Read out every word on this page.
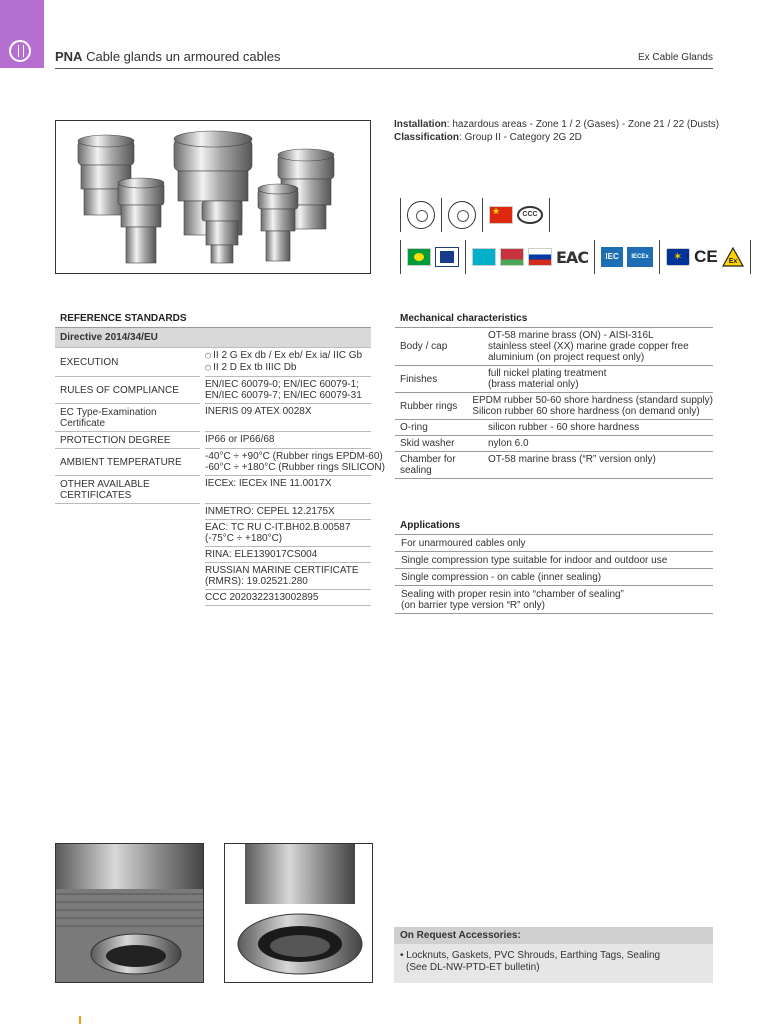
PNA Cable glands un armoured cables	Ex Cable Glands
Installation: hazardous areas - Zone 1 / 2 (Gases) - Zone 21 / 22 (Dusts)
Classification: Group II - Category 2G 2D
★
CCC
EAC	IEC	IECEx
✶	CE Ex
REFERENCE STANDARDS
Directive 2014/34/EU
EXECUTION
⬡ II 2 G Ex db / Ex eb/ Ex ia/ IIC Gb
⬡ II 2 D Ex tb IIIC Db
RULES OF COMPLIANCE
EN/IEC 60079-0; EN/IEC 60079-1;
EN/IEC 60079-7; EN/IEC 60079-31
EC Type-Examination Certificate
INERIS 09 ATEX 0028X
PROTECTION DEGREE	IP66 or IP66/68
AMBIENT TEMPERATURE
-40°C ÷ +90°C (Rubber rings EPDM-60)
-60°C ÷ +180°C (Rubber rings SILICON)
OTHER AVAILABLE CERTIFICATES
IECEx: IECEx INE 11.0017X
INMETRO: CEPEL 12.2175X
EAC: TC RU C-IT.BH02.B.00587
(-75°C ÷ +180°C)
RINA: ELE139017CS004
RUSSIAN MARINE CERTIFICATE
(RMRS): 19.02521.280
CCC 2020322313002895
Mechanical characteristics
Body / cap
OT-58 marine brass (ON) - AISI-316L
stainless steel (XX) marine grade copper free
aluminium (on project request only)
Finishes	full nickel plating treatment
(brass material only)
Rubber rings	EPDM rubber 50-60 shore hardness (standard supply)
Silicon rubber 60 shore hardness (on demand only)
O-ring	silicon rubber - 60 shore hardness
Skid washer	nylon 6.0
Chamber for sealing
OT-58 marine brass (“R” version only)
Applications
For unarmoured cables only
Single compression type suitable for indoor and outdoor use
Single compression - on cable (inner sealing)
Sealing with proper resin into “chamber of sealing”
(on barrier type version “R” only)
On Request Accessories:
• Locknuts, Gaskets, PVC Shrouds, Earthing Tags, Sealing
(See DL-NW-PTD-ET bulletin)
